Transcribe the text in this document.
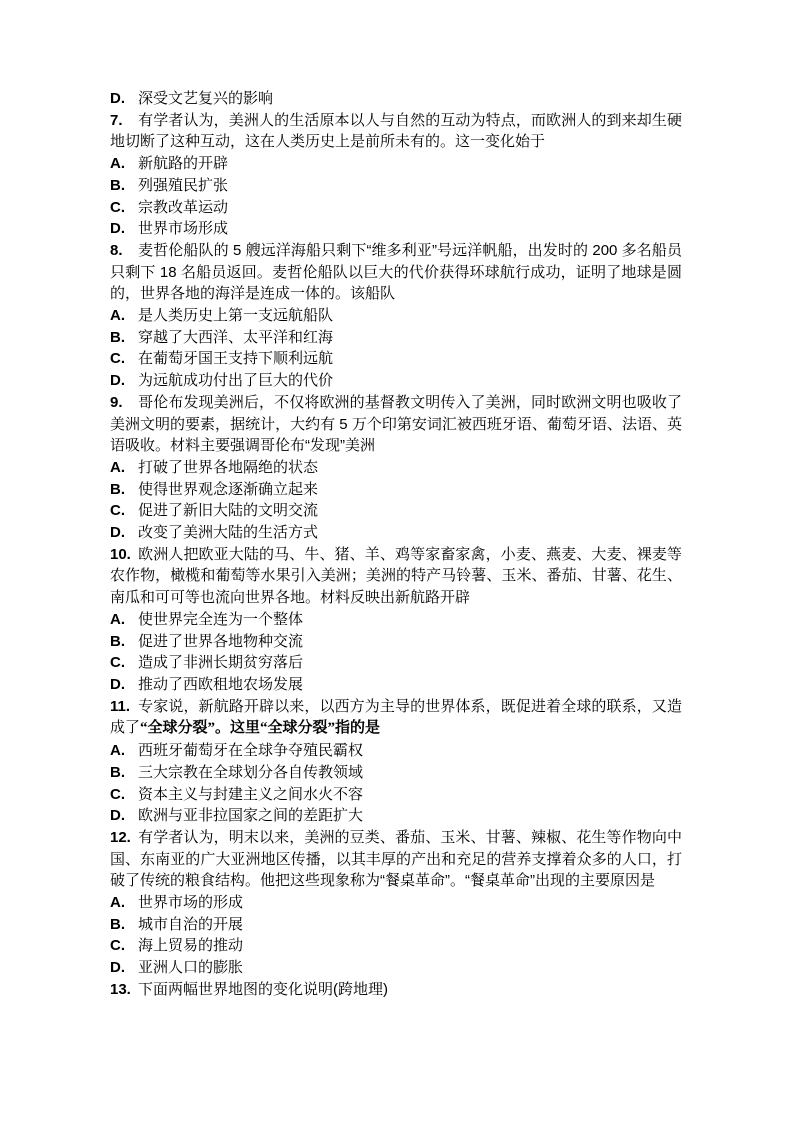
D. 深受文艺复兴的影响

7. 有学者认为，美洲人的生活原本以人与自然的互动为特点，而欧洲人的到来却生硬地切断了这种互动，这在人类历史上是前所未有的。这一变化始于

A. 新航路的开辟

B. 列强殖民扩张

C. 宗教改革运动

D. 世界市场形成

8. 麦哲伦船队的 5 艘远洋海船只剩下“维多利亚”号远洋帆船，出发时的 200 多名船员只剩下 18 名船员返回。麦哲伦船队以巨大的代价获得环球航行成功，证明了地球是圆的，世界各地的海洋是连成一体的。该船队

A. 是人类历史上第一支远航船队

B. 穿越了大西洋、太平洋和红海

C. 在葡萄牙国王支持下顺利远航

D. 为远航成功付出了巨大的代价

9. 哥伦布发现美洲后，不仅将欧洲的基督教文明传入了美洲，同时欧洲文明也吸收了美洲文明的要素，据统计，大约有 5 万个印第安词汇被西班牙语、葡萄牙语、法语、英语吸收。材料主要强调哥伦布“发现”美洲

A. 打破了世界各地隔绝的状态

B. 使得世界观念逐渐确立起来

C. 促进了新旧大陆的文明交流

D. 改变了美洲大陆的生活方式

10. 欧洲人把欧亚大陆的马、牛、猪、羊、鸡等家畜家禽，小麦、燕麦、大麦、裸麦等农作物，橄榄和葡萄等水果引入美洲；美洲的特产马铃薯、玉米、番茄、甘薯、花生、南瓜和可可等也流向世界各地。材料反映出新航路开辟

A. 使世界完全连为一个整体

B. 促进了世界各地物种交流

C. 造成了非洲长期贫穷落后

D. 推动了西欧租地农场发展

11. 专家说，新航路开辟以来，以西方为主导的世界体系，既促进着全球的联系，又造成了“全球分裂”。这里“全球分裂”指的是

A. 西班牙葡萄牙在全球争夺殖民霸权

B. 三大宗教在全球划分各自传教领域

C. 资本主义与封建主义之间水火不容

D. 欧洲与亚非拉国家之间的差距扩大

12. 有学者认为，明末以来，美洲的豆类、番茄、玉米、甘薯、辣椒、花生等作物向中国、东南亚的广大亚洲地区传播，以其丰厚的产出和充足的营养支撑着众多的人口，打破了传统的粮食结构。他把这些现象称为“餐桌革命”。“餐桌革命”出现的主要原因是

A. 世界市场的形成

B. 城市自治的开展

C. 海上贸易的推动

D. 亚洲人口的膨胀

13. 下面两幅世界地图的变化说明(跨地理)
